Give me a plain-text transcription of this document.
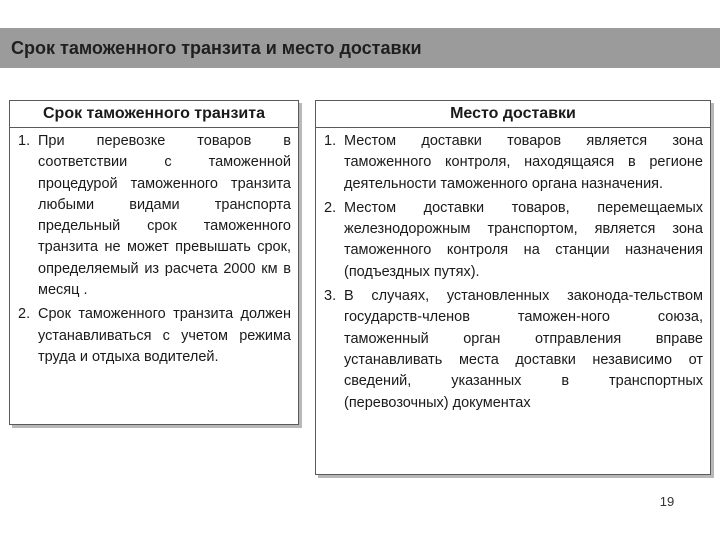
Срок таможенного транзита и место доставки
Срок таможенного транзита
1. При перевозке товаров в соответствии с таможенной процедурой таможенного транзита любыми видами транспорта предельный срок таможенного транзита не может превышать срок, определяемый из расчета 2000 км в месяц .
2. Срок таможенного транзита должен устанавливаться с учетом режима труда и отдыха водителей.
Место доставки
1. Местом доставки товаров является зона таможенного контроля, находящаяся в регионе деятельности таможенного органа назначения.
2. Местом доставки товаров, перемещаемых железнодорожным транспортом, является зона таможенного контроля на станции назначения (подъездных путях).
3. В случаях, установленных законода-тельством государств-членов таможен-ного союза, таможенный орган отправления вправе устанавливать места доставки независимо от сведений, указанных в транспортных (перевозочных) документах
19
